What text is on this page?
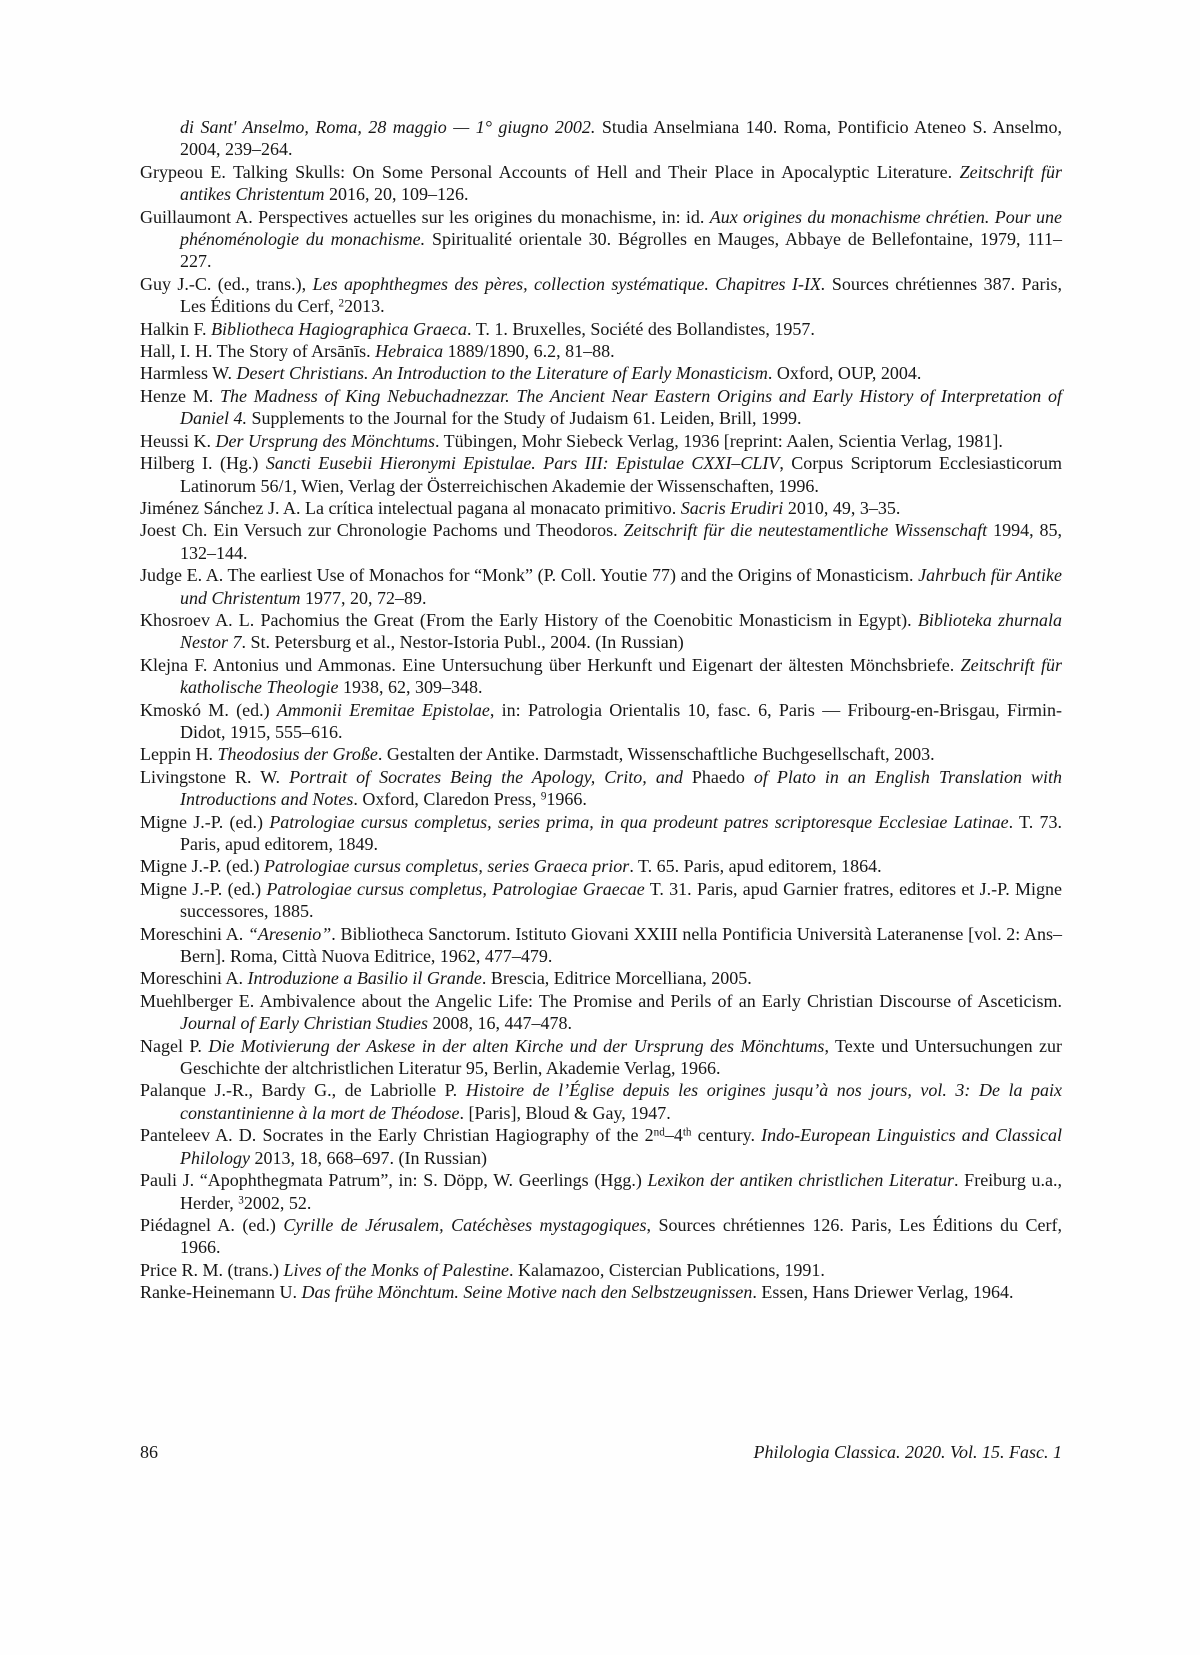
di Sant' Anselmo, Roma, 28 maggio — 1° giugno 2002. Studia Anselmiana 140. Roma, Pontificio Ateneo S. Anselmo, 2004, 239–264.

Grypeou E. Talking Skulls: On Some Personal Accounts of Hell and Their Place in Apocalyptic Literature. Zeitschrift für antikes Christentum 2016, 20, 109–126.

Guillaumont A. Perspectives actuelles sur les origines du monachisme, in: id. Aux origines du monachisme chrétien. Pour une phénoménologie du monachisme. Spiritualité orientale 30. Bégrolles en Mauges, Abbaye de Bellefontaine, 1979, 111–227.

Guy J.-C. (ed., trans.), Les apophthegmes des pères, collection systématique. Chapitres I-IX. Sources chrétiennes 387. Paris, Les Éditions du Cerf, $^2$2013.

Halkin F. Bibliotheca Hagiographica Graeca. T. 1. Bruxelles, Société des Bollandistes, 1957.

Hall, I. H. The Story of Arsānīs. Hebraica 1889/1890, 6.2, 81–88.

Harmless W. Desert Christians. An Introduction to the Literature of Early Monasticism. Oxford, OUP, 2004.

Henze M. The Madness of King Nebuchadnezzar. The Ancient Near Eastern Origins and Early History of Interpretation of Daniel 4. Supplements to the Journal for the Study of Judaism 61. Leiden, Brill, 1999.

Heussi K. Der Ursprung des Mönchtums. Tübingen, Mohr Siebeck Verlag, 1936 [reprint: Aalen, Scientia Verlag, 1981].

Hilberg I. (Hg.) Sancti Eusebii Hieronymi Epistulae. Pars III: Epistulae CXXI–CLIV, Corpus Scriptorum Ecclesiasticorum Latinorum 56/1, Wien, Verlag der Österreichischen Akademie der Wissenschaften, 1996.

Jiménez Sánchez J. A. La crítica intelectual pagana al monacato primitivo. Sacris Erudiri 2010, 49, 3–35.

Joest Ch. Ein Versuch zur Chronologie Pachoms und Theodoros. Zeitschrift für die neutestamentliche Wissenschaft 1994, 85, 132–144.

Judge E. A. The earliest Use of Monachos for “Monk” (P. Coll. Youtie 77) and the Origins of Monasticism. Jahrbuch für Antike und Christentum 1977, 20, 72–89.

Khosroev A. L. Pachomius the Great (From the Early History of the Coenobitic Monasticism in Egypt). Biblioteka zhurnala Nestor 7. St. Petersburg et al., Nestor-Istoria Publ., 2004. (In Russian)

Klejna F. Antonius und Ammonas. Eine Untersuchung über Herkunft und Eigenart der ältesten Mönchsbriefe. Zeitschrift für katholische Theologie 1938, 62, 309–348.

Kmoskó M. (ed.) Ammonii Eremitae Epistolae, in: Patrologia Orientalis 10, fasc. 6, Paris — Fribourg-en-Brisgau, Firmin-Didot, 1915, 555–616.

Leppin H. Theodosius der Große. Gestalten der Antike. Darmstadt, Wissenschaftliche Buchgesellschaft, 2003.

Livingstone R. W. Portrait of Socrates Being the Apology, Crito, and Phaedo of Plato in an English Translation with Introductions and Notes. Oxford, Claredon Press, $^9$1966.

Migne J.-P. (ed.) Patrologiae cursus completus, series prima, in qua prodeunt patres scriptoresque Ecclesiae Latinae. T. 73. Paris, apud editorem, 1849.

Migne J.-P. (ed.) Patrologiae cursus completus, series Graeca prior. T. 65. Paris, apud editorem, 1864.

Migne J.-P. (ed.) Patrologiae cursus completus, Patrologiae Graecae T. 31. Paris, apud Garnier fratres, editores et J.-P. Migne successores, 1885.

Moreschini A. “Aresenio”. Bibliotheca Sanctorum. Istituto Giovani XXIII nella Pontificia Università Lateranense [vol. 2: Ans–Bern]. Roma, Città Nuova Editrice, 1962, 477–479.

Moreschini A. Introduzione a Basilio il Grande. Brescia, Editrice Morcelliana, 2005.

Muehlberger E. Ambivalence about the Angelic Life: The Promise and Perils of an Early Christian Discourse of Asceticism. Journal of Early Christian Studies 2008, 16, 447–478.

Nagel P. Die Motivierung der Askese in der alten Kirche und der Ursprung des Mönchtums, Texte und Untersuchungen zur Geschichte der altchristlichen Literatur 95, Berlin, Akademie Verlag, 1966.

Palanque J.-R., Bardy G., de Labriolle P. Histoire de l’Église depuis les origines jusqu’à nos jours, vol. 3: De la paix constantinienne à la mort de Théodose. [Paris], Bloud & Gay, 1947.

Panteleev A. D. Socrates in the Early Christian Hagiography of the 2nd–4th century. Indo-European Linguistics and Classical Philology 2013, 18, 668–697. (In Russian)

Pauli J. “Apophthegmata Patrum”, in: S. Döpp, W. Geerlings (Hgg.) Lexikon der antiken christlichen Literatur. Freiburg u.a., Herder, $^3$2002, 52.

Piédagnel A. (ed.) Cyrille de Jérusalem, Catéchèses mystagogiques, Sources chrétiennes 126. Paris, Les Éditions du Cerf, 1966.

Price R. M. (trans.) Lives of the Monks of Palestine. Kalamazoo, Cistercian Publications, 1991.

Ranke-Heinemann U. Das frühe Mönchtum. Seine Motive nach den Selbstzeugnissen. Essen, Hans Driewer Verlag, 1964.

86	Philologia Classica. 2020. Vol. 15. Fasc. 1
